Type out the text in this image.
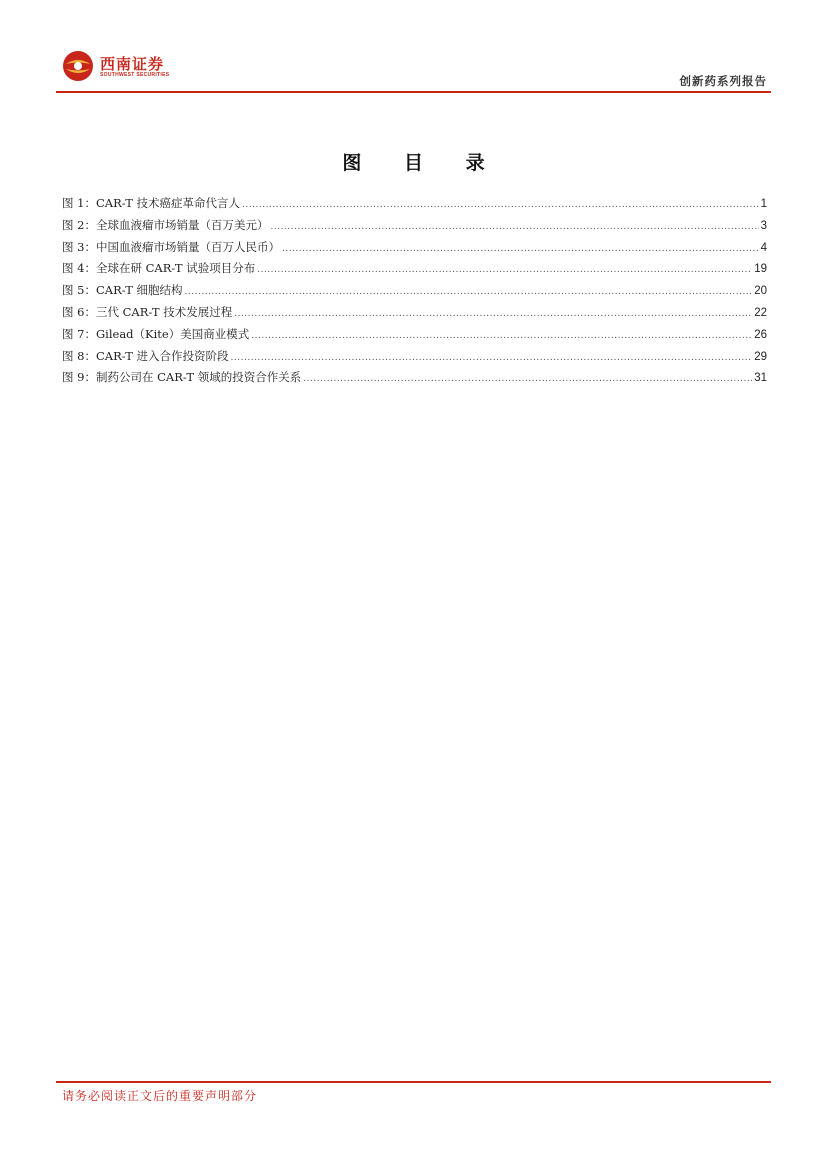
西南证券
SOUTHWEST SECURITIES	创新药系列报告
图 目 录
图 1：CAR-T 技术癌症革命代言人 .....	1
图 2：全球血液瘤市场销量（百万美元） .....	3
图 3：中国血液瘤市场销量（百万人民币） .....	4
图 4：全球在研 CAR-T 试验项目分布 .....	19
图 5：CAR-T 细胞结构 .....	20
图 6：三代 CAR-T 技术发展过程 .....	22
图 7：Gilead（Kite）美国商业模式 .....	26
图 8：CAR-T 进入合作投资阶段 .....	29
图 9：制药公司在 CAR-T 领域的投资合作关系 .....	31
请务必阅读正文后的重要声明部分
